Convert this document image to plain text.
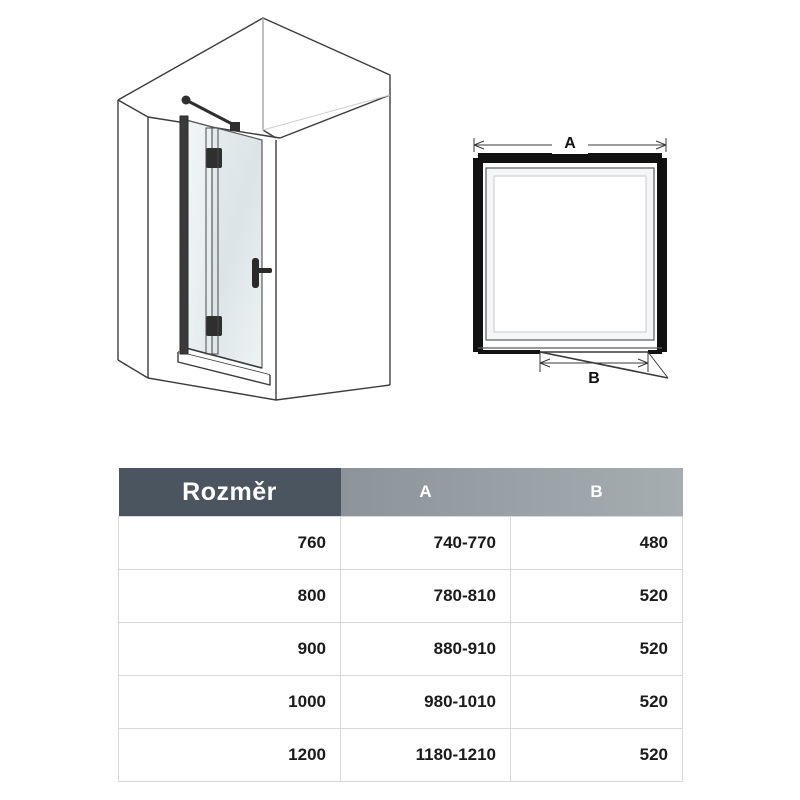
A
B
Rozměr	A	B
760	740-770	480
800	780-810	520
900	880-910	520
1000	980-1010	520
1200	1180-1210	520
